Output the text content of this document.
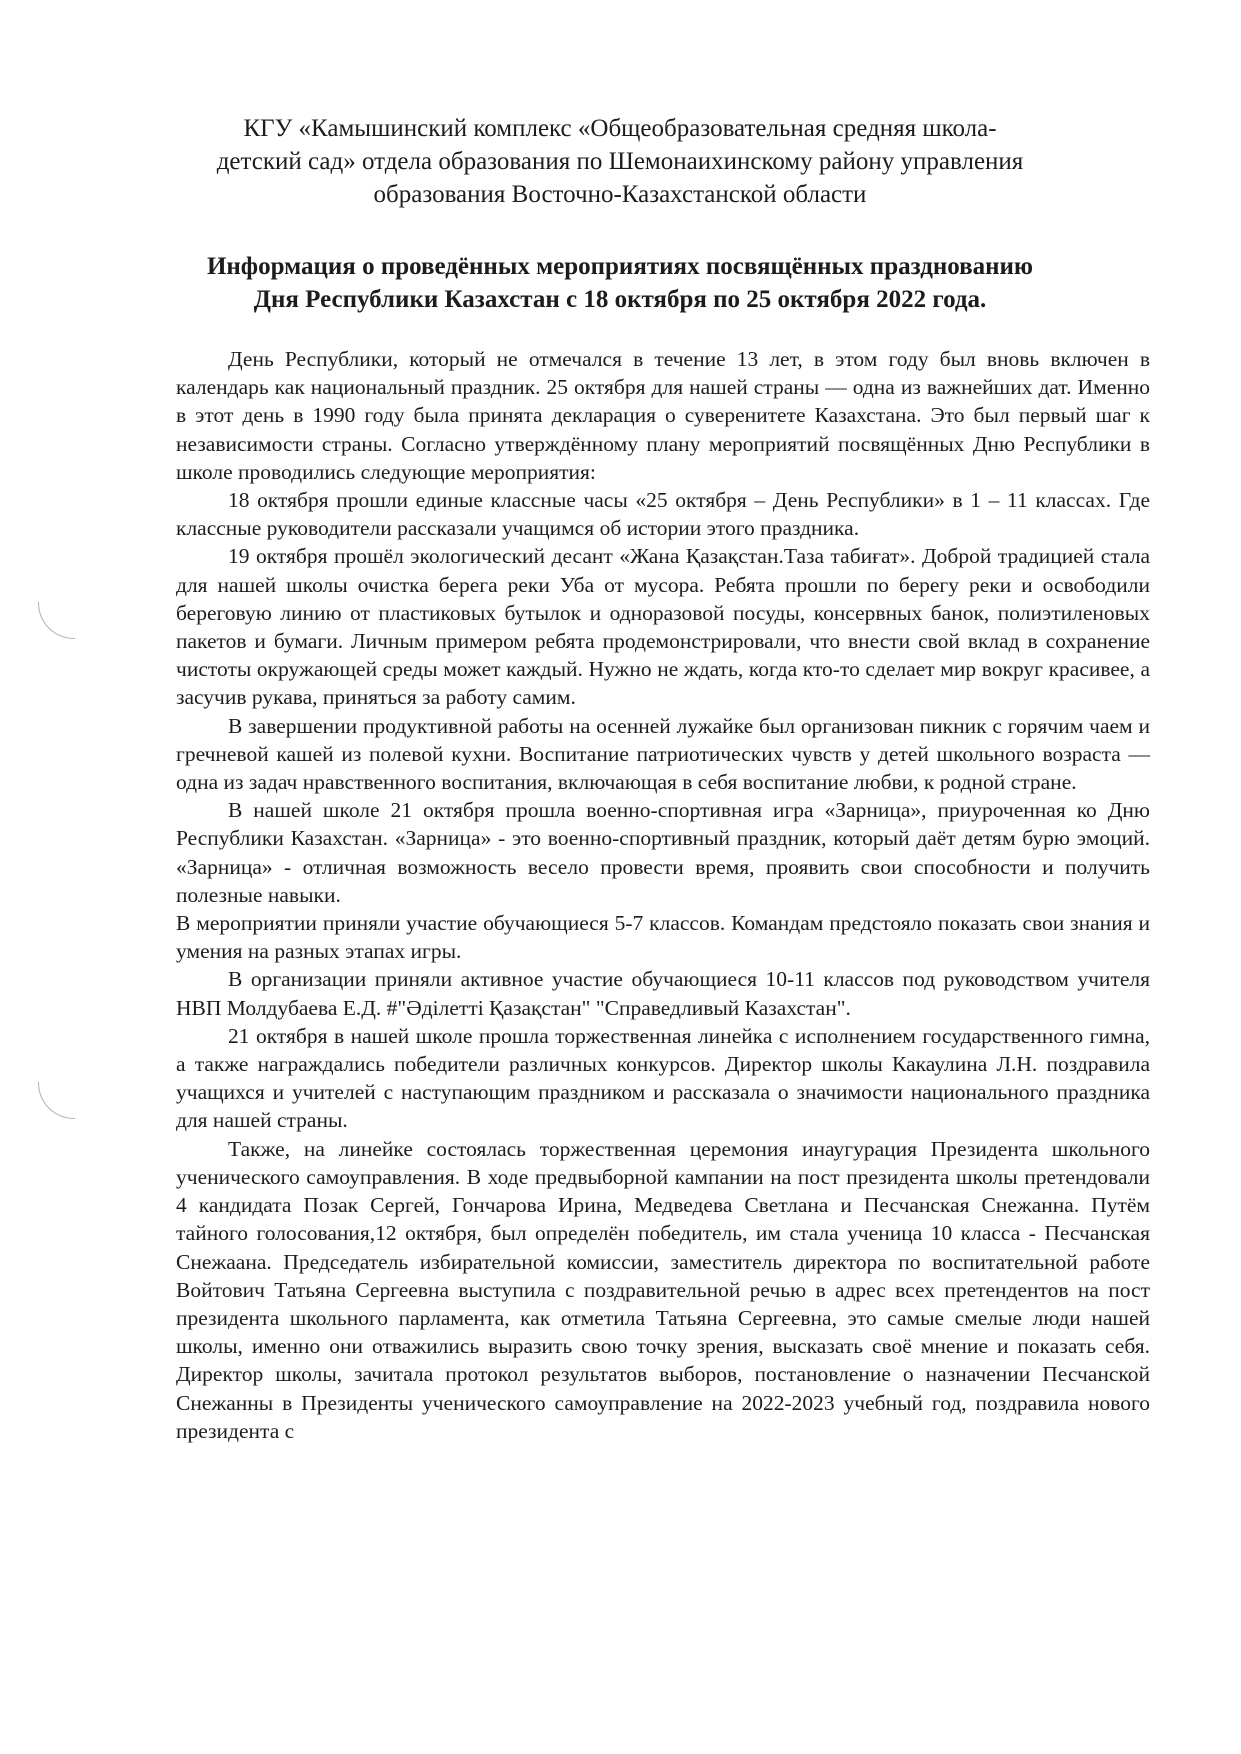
КГУ «Камышинский комплекс «Общеобразовательная средняя школа-

детский сад» отдела образования по Шемонаихинскому району управления

образования Восточно-Казахстанской области

Информация о проведённых мероприятиях посвящённых празднованию

Дня Республики Казахстан с 18 октября по 25 октября 2022 года.

День Республики, который не отмечался в течение 13 лет, в этом году был вновь включен в календарь как национальный праздник. 25 октября для нашей страны — одна из важнейших дат. Именно в этот день в 1990 году была принята декларация о суверенитете Казахстана. Это был первый шаг к независимости страны. Согласно утверждённому плану мероприятий посвящённых Дню Республики в школе проводились следующие мероприятия:

18 октября прошли единые классные часы «25 октября – День Республики» в 1 – 11 классах. Где классные руководители рассказали учащимся об истории этого праздника.

19 октября прошёл экологический десант «Жана Қазақстан.Таза табиғат». Доброй традицией стала для нашей школы очистка берега реки Уба от мусора. Ребята прошли по берегу реки и освободили береговую линию от пластиковых бутылок и одноразовой посуды, консервных банок, полиэтиленовых пакетов и бумаги. Личным примером ребята продемонстрировали, что внести свой вклад в сохранение чистоты окружающей среды может каждый. Нужно не ждать, когда кто-то сделает мир вокруг красивее, а засучив рукава, приняться за работу самим.

В завершении продуктивной работы на осенней лужайке был организован пикник с горячим чаем и гречневой кашей из полевой кухни. Воспитание патриотических чувств у детей школьного возраста — одна из задач нравственного воспитания, включающая в себя воспитание любви, к родной стране.

В нашей школе 21 октября прошла военно-спортивная игра «Зарница», приуроченная ко Дню Республики Казахстан. «Зарница» - это военно-спортивный праздник, который даёт детям бурю эмоций. «Зарница» - отличная возможность весело провести время, проявить свои способности и получить полезные навыки.

В мероприятии приняли участие обучающиеся 5-7 классов. Командам предстояло показать свои знания и умения на разных этапах игры.

В организации приняли активное участие обучающиеся 10-11 классов под руководством учителя НВП Молдубаева Е.Д. #"Әділетті Қазақстан" "Справедливый Казахстан".

21 октября в нашей школе прошла торжественная линейка с исполнением государственного гимна, а также награждались победители различных конкурсов. Директор школы Какаулина Л.Н. поздравила учащихся и учителей с наступающим праздником и рассказала о значимости национального праздника для нашей страны.

Также, на линейке состоялась торжественная церемония инаугурация Президента школьного ученического самоуправления. В ходе предвыборной кампании на пост президента школы претендовали 4 кандидата Позак Сергей, Гончарова Ирина, Медведева Светлана и Песчанская Снежанна. Путём тайного голосования,12 октября, был определён победитель, им стала ученица 10 класса - Песчанская Снежаана. Председатель избирательной комиссии, заместитель директора по воспитательной работе Войтович Татьяна Сергеевна выступила с поздравительной речью в адрес всех претендентов на пост президента школьного парламента, как отметила Татьяна Сергеевна, это самые смелые люди нашей школы, именно они отважились выразить свою точку зрения, высказать своё мнение и показать себя. Директор школы, зачитала протокол результатов выборов, постановление о назначении Песчанской Снежанны в Президенты ученического самоуправление на 2022-2023 учебный год, поздравила нового президента с
